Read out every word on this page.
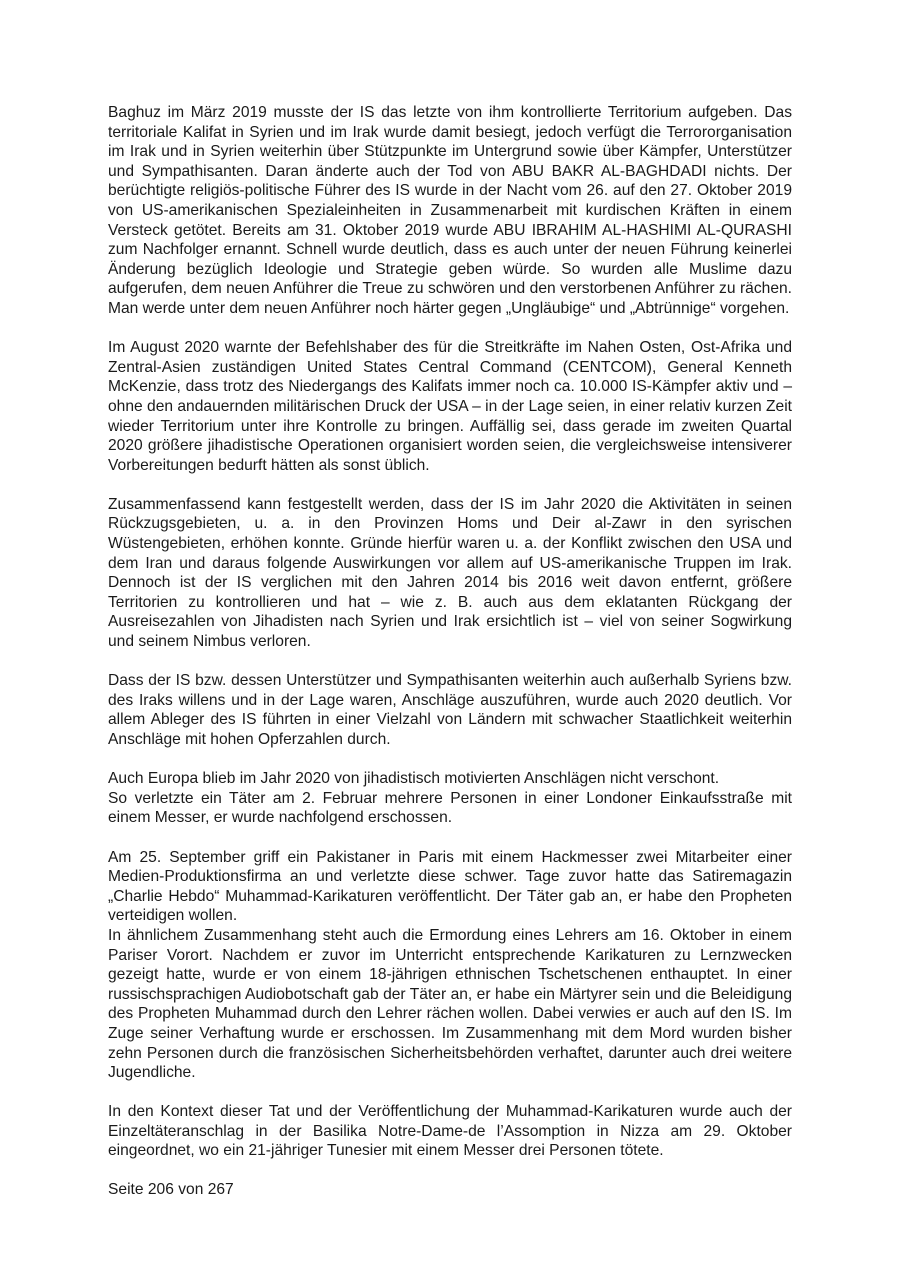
Baghuz im März 2019 musste der IS das letzte von ihm kontrollierte Territorium aufgeben. Das territoriale Kalifat in Syrien und im Irak wurde damit besiegt, jedoch verfügt die Terrororganisation im Irak und in Syrien weiterhin über Stützpunkte im Untergrund sowie über Kämpfer, Unterstützer und Sympathisanten. Daran änderte auch der Tod von ABU BAKR AL-BAGHDADI nichts. Der berüchtigte religiös-politische Führer des IS wurde in der Nacht vom 26. auf den 27. Oktober 2019 von US-amerikanischen Spezialeinheiten in Zusammenarbeit mit kurdischen Kräften in einem Versteck getötet. Bereits am 31. Oktober 2019 wurde ABU IBRAHIM AL-HASHIMI AL-QURASHI zum Nachfolger ernannt. Schnell wurde deutlich, dass es auch unter der neuen Führung keinerlei Änderung bezüglich Ideologie und Strategie geben würde. So wurden alle Muslime dazu aufgerufen, dem neuen Anführer die Treue zu schwören und den verstorbenen Anführer zu rächen. Man werde unter dem neuen Anführer noch härter gegen „Ungläubige“ und „Abtrünnige“ vorgehen.

Im August 2020 warnte der Befehlshaber des für die Streitkräfte im Nahen Osten, Ost-Afrika und Zentral-Asien zuständigen United States Central Command (CENTCOM), General Kenneth McKenzie, dass trotz des Niedergangs des Kalifats immer noch ca. 10.000 IS-Kämpfer aktiv und – ohne den andauernden militärischen Druck der USA – in der Lage seien, in einer relativ kurzen Zeit wieder Territorium unter ihre Kontrolle zu bringen. Auffällig sei, dass gerade im zweiten Quartal 2020 größere jihadistische Operationen organisiert worden seien, die vergleichsweise intensiverer Vorbereitungen bedurft hätten als sonst üblich.

Zusammenfassend kann festgestellt werden, dass der IS im Jahr 2020 die Aktivitäten in seinen Rückzugsgebieten, u. a. in den Provinzen Homs und Deir al-Zawr in den syrischen Wüstengebieten, erhöhen konnte. Gründe hierfür waren u. a. der Konflikt zwischen den USA und dem Iran und daraus folgende Auswirkungen vor allem auf US-amerikanische Truppen im Irak. Dennoch ist der IS verglichen mit den Jahren 2014 bis 2016 weit davon entfernt, größere Territorien zu kontrollieren und hat – wie z. B. auch aus dem eklatanten Rückgang der Ausreisezahlen von Jihadisten nach Syrien und Irak ersichtlich ist – viel von seiner Sogwirkung und seinem Nimbus verloren.

Dass der IS bzw. dessen Unterstützer und Sympathisanten weiterhin auch außerhalb Syriens bzw. des Iraks willens und in der Lage waren, Anschläge auszuführen, wurde auch 2020 deutlich. Vor allem Ableger des IS führten in einer Vielzahl von Ländern mit schwacher Staatlichkeit weiterhin Anschläge mit hohen Opferzahlen durch.

Auch Europa blieb im Jahr 2020 von jihadistisch motivierten Anschlägen nicht verschont.
So verletzte ein Täter am 2. Februar mehrere Personen in einer Londoner Einkaufsstraße mit einem Messer, er wurde nachfolgend erschossen.
Am 25. September griff ein Pakistaner in Paris mit einem Hackmesser zwei Mitarbeiter einer Medien-Produktionsfirma an und verletzte diese schwer. Tage zuvor hatte das Satiremagazin „Charlie Hebdo“ Muhammad-Karikaturen veröffentlicht. Der Täter gab an, er habe den Propheten verteidigen wollen.
In ähnlichem Zusammenhang steht auch die Ermordung eines Lehrers am 16. Oktober in einem Pariser Vorort. Nachdem er zuvor im Unterricht entsprechende Karikaturen zu Lernzwecken gezeigt hatte, wurde er von einem 18-jährigen ethnischen Tschetschenen enthauptet. In einer russischsprachigen Audiobotschaft gab der Täter an, er habe ein Märtyrer sein und die Beleidigung des Propheten Muhammad durch den Lehrer rächen wollen. Dabei verwies er auch auf den IS. Im Zuge seiner Verhaftung wurde er erschossen. Im Zusammenhang mit dem Mord wurden bisher zehn Personen durch die französischen Sicherheitsbehörden verhaftet, darunter auch drei weitere Jugendliche.

In den Kontext dieser Tat und der Veröffentlichung der Muhammad-Karikaturen wurde auch der Einzeltäteranschlag in der Basilika Notre-Dame-de l’Assomption in Nizza am 29. Oktober eingeordnet, wo ein 21-jähriger Tunesier mit einem Messer drei Personen tötete.

Seite 206 von 267
